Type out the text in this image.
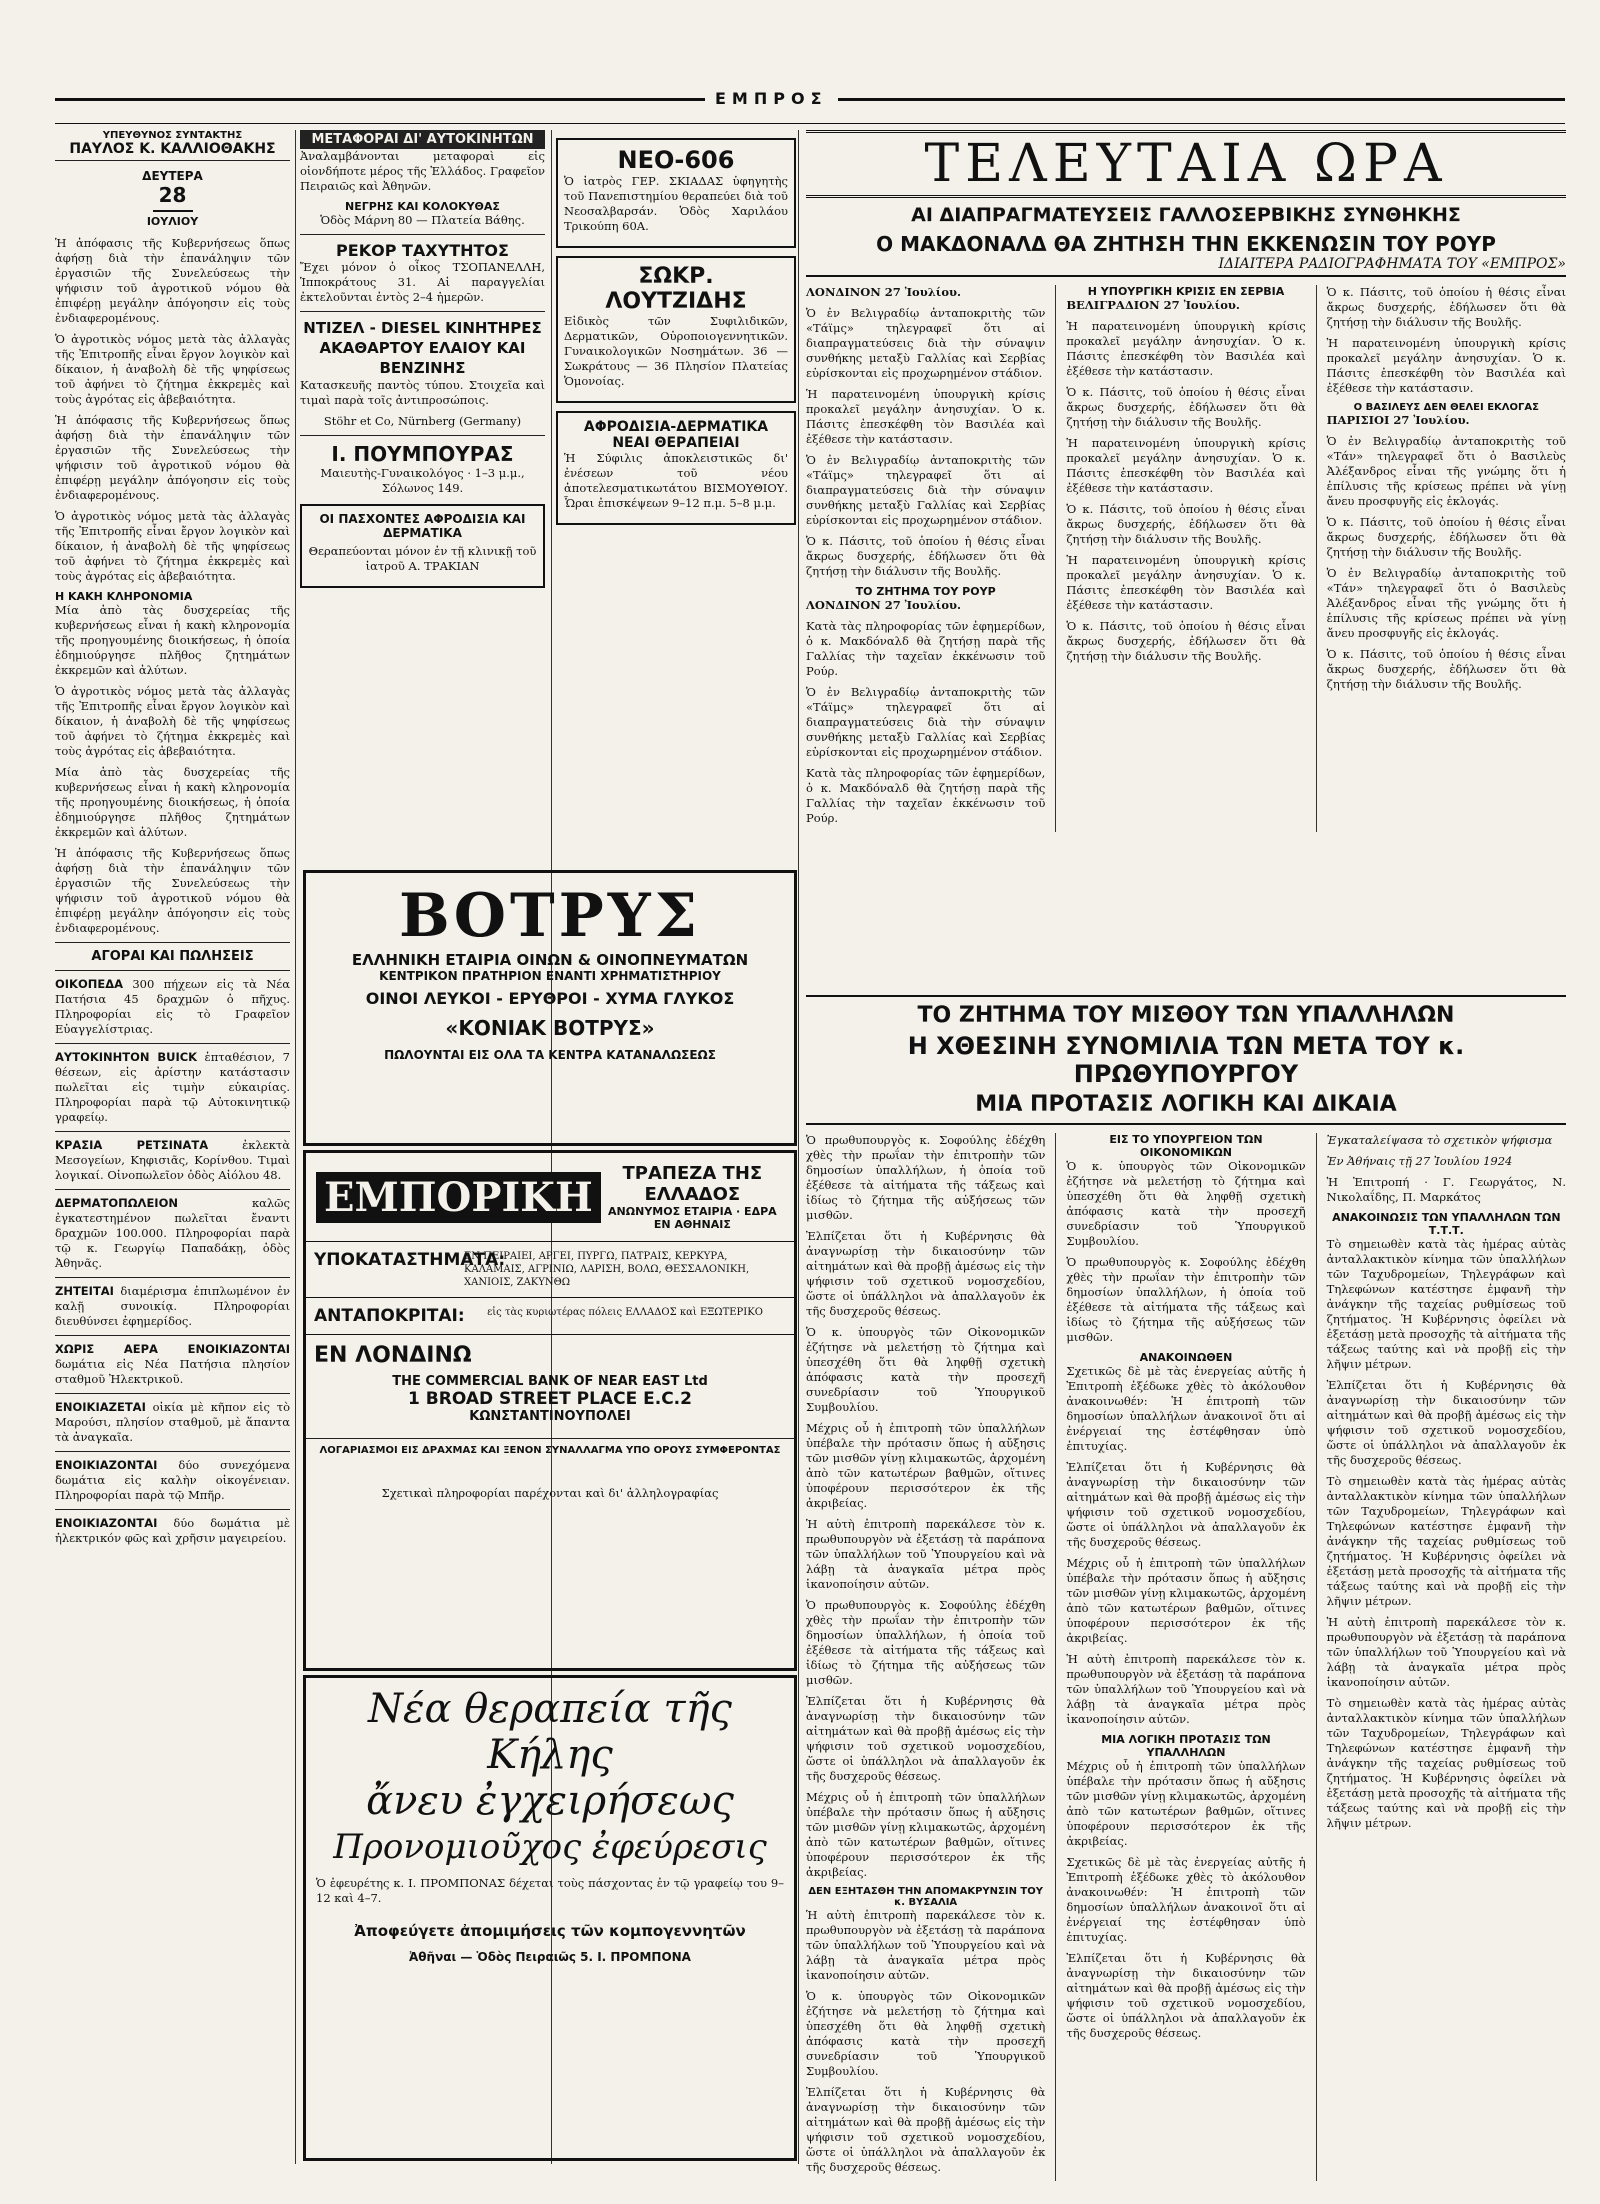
ΕΜΠΡΟΣ
ΥΠΕΥΘΥΝΟΣ ΣΥΝΤΑΚΤΗΣ
ΠΑΥΛΟΣ Κ. ΚΑΛΛΙΟΘΑΚΗΣ
ΔΕΥΤΕΡΑ
28
ΙΟΥΛΙΟΥ

Ἡ ἀπόφασις τῆς Κυβερνήσεως ὅπως ἀφήσῃ διὰ τὴν ἐπανάληψιν τῶν ἐργασιῶν τῆς Συνελεύσεως τὴν ψήφισιν τοῦ ἀγροτικοῦ νόμου θὰ ἐπιφέρῃ μεγάλην ἀπόγοησιν εἰς τοὺς ἐνδιαφερομένους.

Ὁ ἀγροτικὸς νόμος μετὰ τὰς ἀλλαγὰς τῆς Ἐπιτροπῆς εἶναι ἔργον λογικὸν καὶ δίκαιον, ἡ ἀναβολὴ δὲ τῆς ψηφίσεως τοῦ ἀφήνει τὸ ζήτημα ἐκκρεμὲς καὶ τοὺς ἀγρότας εἰς ἀβεβαιότητα.

Ἡ ἀπόφασις τῆς Κυβερνήσεως ὅπως ἀφήσῃ διὰ τὴν ἐπανάληψιν τῶν ἐργασιῶν τῆς Συνελεύσεως τὴν ψήφισιν τοῦ ἀγροτικοῦ νόμου θὰ ἐπιφέρῃ μεγάλην ἀπόγοησιν εἰς τοὺς ἐνδιαφερομένους.

Ὁ ἀγροτικὸς νόμος μετὰ τὰς ἀλλαγὰς τῆς Ἐπιτροπῆς εἶναι ἔργον λογικὸν καὶ δίκαιον, ἡ ἀναβολὴ δὲ τῆς ψηφίσεως τοῦ ἀφήνει τὸ ζήτημα ἐκκρεμὲς καὶ τοὺς ἀγρότας εἰς ἀβεβαιότητα.

Η ΚΑΚΗ ΚΛΗΡΟΝΟΜΙΑ

Μία ἀπὸ τὰς δυσχερείας τῆς κυβερνήσεως εἶναι ἡ κακὴ κληρονομία τῆς προηγουμένης διοικήσεως, ἡ ὁποία ἐδημιούργησε πλῆθος ζητημάτων ἐκκρεμῶν καὶ ἀλύτων.

Ὁ ἀγροτικὸς νόμος μετὰ τὰς ἀλλαγὰς τῆς Ἐπιτροπῆς εἶναι ἔργον λογικὸν καὶ δίκαιον, ἡ ἀναβολὴ δὲ τῆς ψηφίσεως τοῦ ἀφήνει τὸ ζήτημα ἐκκρεμὲς καὶ τοὺς ἀγρότας εἰς ἀβεβαιότητα.

Μία ἀπὸ τὰς δυσχερείας τῆς κυβερνήσεως εἶναι ἡ κακὴ κληρονομία τῆς προηγουμένης διοικήσεως, ἡ ὁποία ἐδημιούργησε πλῆθος ζητημάτων ἐκκρεμῶν καὶ ἀλύτων.

Ἡ ἀπόφασις τῆς Κυβερνήσεως ὅπως ἀφήσῃ διὰ τὴν ἐπανάληψιν τῶν ἐργασιῶν τῆς Συνελεύσεως τὴν ψήφισιν τοῦ ἀγροτικοῦ νόμου θὰ ἐπιφέρῃ μεγάλην ἀπόγοησιν εἰς τοὺς ἐνδιαφερομένους.

ΑΓΟΡΑΙ ΚΑΙ ΠΩΛΗΣΕΙΣ

ΟΙΚΟΠΕΔΑ 300 πήχεων εἰς τὰ Νέα Πατήσια 45 δραχμῶν ὁ πῆχυς. Πληροφορίαι εἰς τὸ Γραφεῖον Εὐαγγελίστριας.

ΑΥΤΟΚΙΝΗΤΟΝ BUICK ἑπταθέσιον, 7 θέσεων, εἰς ἀρίστην κατάστασιν πωλεῖται εἰς τιμὴν εὐκαιρίας. Πληροφορίαι παρὰ τῷ Αὐτοκινητικῷ γραφείῳ.

ΚΡΑΣΙΑ ΡΕΤΣΙΝΑΤΑ	ἐκλεκτὰ Μεσογείων, Κηφισιᾶς, Κορίνθου. Τιμαὶ λογικαί. Οἰνοπωλεῖον ὁδὸς Αἰόλου 48.

ΔΕΡΜΑΤΟΠΩΛΕΙΟΝ	καλῶς ἐγκατεστημένον πωλεῖται ἔναντι δραχμῶν 100.000. Πληροφορίαι παρὰ τῷ κ. Γεωργίῳ Παπαδάκῃ, ὁδὸς Ἀθηνᾶς.

ΖΗΤΕΙΤΑΙ διαμέρισμα ἐπιπλωμένον ἐν καλῇ συνοικίᾳ. Πληροφορίαι διευθύνσει ἐφημερίδος.

ΧΩΡΙΣ ΑΕΡΑ ΕΝΟΙΚΙΑΖΟΝΤΑΙ δωμάτια εἰς Νέα Πατήσια πλησίον σταθμοῦ Ἠλεκτρικοῦ.

ΕΝΟΙΚΙΑΖΕΤΑΙ οἰκία μὲ κῆπον εἰς τὸ Μαρούσι, πλησίον σταθμοῦ, μὲ ἅπαντα τὰ ἀναγκαῖα.

ΕΝΟΙΚΙΑΖΟΝΤΑΙ δύο συνεχόμενα δωμάτια εἰς καλὴν οἰκογένειαν. Πληροφορίαι παρὰ τῷ Μπῆρ.

ΕΝΟΙΚΙΑΖΟΝΤΑΙ δύο δωμάτια μὲ ἡλεκτρικόν φῶς καὶ χρῆσιν μαγειρείου.

ΜΕΤΑΦΟΡΑΙ ΔΙ' ΑΥΤΟΚΙΝΗΤΩΝ

Ἀναλαμβάνονται μεταφοραὶ εἰς οἱονδήποτε μέρος τῆς Ἑλλάδος. Γραφεῖον Πειραιῶς καὶ Ἀθηνῶν.

ΝΕΓΡΗΣ ΚΑΙ ΚΟΛΟΚΥΘΑΣ

Ὁδὸς Μάρνη 80 — Πλατεία Βάθης.

ΡΕΚΟΡ ΤΑΧΥΤΗΤΟΣ

Ἔχει μόνον ὁ οἶκος ΤΣΟΠΑΝΕΛΛΗ, Ἱπποκράτους 31. Αἱ παραγγελίαι ἐκτελοῦνται ἐντὸς 2–4 ἡμερῶν.

ΝΤΙΖΕΛ - DIESEL ΚΙΝΗΤΗΡΕΣ ΑΚΑΘΑΡΤΟΥ ΕΛΑΙΟΥ ΚΑΙ ΒΕΝΖΙΝΗΣ

Κατασκευῆς παντὸς τύπου. Στοιχεῖα καὶ τιμαὶ παρὰ τοῖς ἀντιπροσώποις.

Stöhr et Co, Nürnberg (Germany)

Ι. ΠΟΥΜΠΟΥΡΑΣ

Μαιευτὴς-Γυναικολόγος · 1–3 μ.μ., Σόλωνος 149.

ΟΙ ΠΑΣΧΟΝΤΕΣ ΑΦΡΟΔΙΣΙΑ ΚΑΙ ΔΕΡΜΑΤΙΚΑ

Θεραπεύονται μόνον ἐν τῇ κλινικῇ τοῦ ἰατροῦ Α. ΤΡΑΚΙΑΝ

ΝΕΟ-606

Ὁ ἰατρὸς ΓΕΡ. ΣΚΙΑΔΑΣ ὑφηγητὴς τοῦ Πανεπιστημίου θεραπεύει διὰ τοῦ Νεοσαλβαρσάν. Ὁδὸς Χαριλάου Τρικούπη 60Α.

ΣΩΚΡ. ΛΟΥΤΖΙΔΗΣ

Εἰδικὸς τῶν Συφιλιδικῶν, Δερματικῶν, Οὐροποιογεννητικῶν. Γυναικολογικῶν Νοσημάτων. 36 — Σωκράτους — 36 Πλησίον Πλατείας Ὁμονοίας.

ΑΦΡΟΔΙΣΙΑ-ΔΕΡΜΑΤΙΚΑ ΝΕΑΙ ΘΕΡΑΠΕΙΑΙ

Ἡ Σύφιλις ἀποκλειστικῶς δι' ἐνέσεων τοῦ νέου ἀποτελεσματικωτάτου ΒΙΣΜΟΥΘΙΟΥ. Ὧραι ἐπισκέψεων 9–12 π.μ. 5–8 μ.μ.

ΒΟΤΡΥΣ
ΕΛΛΗΝΙΚΗ ΕΤΑΙΡΙΑ ΟΙΝΩΝ & ΟΙΝΟΠΝΕΥΜΑΤΩΝ
ΚΕΝΤΡΙΚΟΝ ΠΡΑΤΗΡΙΟΝ ΕΝΑΝΤΙ ΧΡΗΜΑΤΙΣΤΗΡΙΟΥ
ΟΙΝΟΙ ΛΕΥΚΟΙ - ΕΡΥΘΡΟΙ - ΧΥΜΑ ΓΛΥΚΟΣ
«ΚΟΝΙΑΚ ΒΟΤΡΥΣ»
ΠΩΛΟΥΝΤΑΙ ΕΙΣ ΟΛΑ ΤΑ ΚΕΝΤΡΑ ΚΑΤΑΝΑΛΩΣΕΩΣ
ΕΜΠΟΡΙΚΗ	ΤΡΑΠΕΖΑ ΤΗΣ ΕΛΛΑΔΟΣ
ΑΝΩΝΥΜΟΣ ΕΤΑΙΡΙΑ · ΕΔΡΑ ΕΝ ΑΘΗΝΑΙΣ
ΥΠΟΚΑΤΑΣΤΗΜΑΤΑ:
ΕΝ ΠΕΙΡΑΙΕΙ, ΑΡΓΕΙ, ΠΥΡΓΩ, ΠΑΤΡΑΙΣ, ΚΕΡΚΥΡΑ, ΚΑΛΑΜΑΙΣ, ΑΓΡΙΝΙΩ, ΛΑΡΙΣΗ, ΒΟΛΩ, ΘΕΣΣΑΛΟΝΙΚΗ, ΧΑΝΙΟΙΣ, ΖΑΚΥΝΘΩ
ΑΝΤΑΠΟΚΡΙΤΑΙ:	εἰς τὰς κυριωτέρας πόλεις ΕΛΛΑΔΟΣ καὶ ΕΞΩΤΕΡΙΚΟ
ΕΝ ΛΟΝΔΙΝΩ
THE COMMERCIAL BANK OF NEAR EAST Ltd
1 BROAD STREET PLACE E.C.2
ΚΩΝΣΤΑΝΤΙΝΟΥΠΟΛΕΙ
ΛΟΓΑΡΙΑΣΜΟΙ ΕΙΣ ΔΡΑΧΜΑΣ ΚΑΙ ΞΕΝΟΝ ΣΥΝΑΛΛΑΓΜΑ ΥΠΟ ΟΡΟΥΣ ΣΥΜΦΕΡΟΝΤΑΣ

Σχετικαὶ πληροφορίαι παρέχονται καὶ δι' ἀλληλογραφίας

Νέα θεραπεία τῆς Κήλης
ἄνευ ἐγχειρήσεως
Προνομιοῦχος ἐφεύρεσις

Ὁ ἐφευρέτης κ. Ι. ΠΡΟΜΠΟΝΑΣ δέχεται τοὺς πάσχοντας ἐν τῷ γραφείῳ του 9–12 καὶ 4–7.

Ἀποφεύγετε ἀπομιμήσεις τῶν κομπογεννητῶν
Ἀθῆναι — Ὁδὸς Πειραιῶς 5. Ι. ΠΡΟΜΠΟΝΑ
ΤΕΛΕΥΤΑΙΑ ΩΡΑ
ΑΙ ΔΙΑΠΡΑΓΜΑΤΕΥΣΕΙΣ ΓΑΛΛΟΣΕΡΒΙΚΗΣ ΣΥΝΘΗΚΗΣ
Ο ΜΑΚΔΟΝΑΛΔ ΘΑ ΖΗΤΗΣΗ ΤΗΝ ΕΚΚΕΝΩΣΙΝ ΤΟΥ ΡΟΥΡ
ΙΔΙΑΙΤΕΡΑ ΡΑΔΙΟΓΡΑΦΗΜΑΤΑ ΤΟΥ «ΕΜΠΡΟΣ»

ΛΟΝΔΙΝΟΝ 27 Ἰουλίου.

Ὁ ἐν Βελιγραδίῳ ἀνταποκριτὴς τῶν «Τάϊμς» τηλεγραφεῖ ὅτι αἱ διαπραγματεύσεις διὰ τὴν σύναψιν συνθήκης μεταξὺ Γαλλίας καὶ Σερβίας εὑρίσκονται εἰς προχωρημένον στάδιον.

Ἡ παρατεινομένη ὑπουργικὴ κρίσις προκαλεῖ μεγάλην ἀνησυχίαν. Ὁ κ. Πάσιτς ἐπεσκέφθη τὸν Βασιλέα καὶ ἐξέθεσε τὴν κατάστασιν.

Ὁ ἐν Βελιγραδίῳ ἀνταποκριτὴς τῶν «Τάϊμς» τηλεγραφεῖ ὅτι αἱ διαπραγματεύσεις διὰ τὴν σύναψιν συνθήκης μεταξὺ Γαλλίας καὶ Σερβίας εὑρίσκονται εἰς προχωρημένον στάδιον.

Ὁ κ. Πάσιτς, τοῦ ὁποίου ἡ θέσις εἶναι ἄκρως δυσχερής, ἐδήλωσεν ὅτι θὰ ζητήσῃ τὴν διάλυσιν τῆς Βουλῆς.

ΤΟ ΖΗΤΗΜΑ ΤΟΥ ΡΟΥΡ

ΛΟΝΔΙΝΟΝ 27 Ἰουλίου.

Κατὰ τὰς πληροφορίας τῶν ἐφημερίδων, ὁ κ. Μακδόναλδ θὰ ζητήσῃ παρὰ τῆς Γαλλίας τὴν ταχεῖαν ἐκκένωσιν τοῦ Ρούρ.

Ὁ ἐν Βελιγραδίῳ ἀνταποκριτὴς τῶν «Τάϊμς» τηλεγραφεῖ ὅτι αἱ διαπραγματεύσεις διὰ τὴν σύναψιν συνθήκης μεταξὺ Γαλλίας καὶ Σερβίας εὑρίσκονται εἰς προχωρημένον στάδιον.

Κατὰ τὰς πληροφορίας τῶν ἐφημερίδων, ὁ κ. Μακδόναλδ θὰ ζητήσῃ παρὰ τῆς Γαλλίας τὴν ταχεῖαν ἐκκένωσιν τοῦ Ρούρ.

Η ΥΠΟΥΡΓΙΚΗ ΚΡΙΣΙΣ ΕΝ ΣΕΡΒΙΑ

ΒΕΛΙΓΡΑΔΙΟΝ 27 Ἰουλίου.

Ἡ παρατεινομένη ὑπουργικὴ κρίσις προκαλεῖ μεγάλην ἀνησυχίαν. Ὁ κ. Πάσιτς ἐπεσκέφθη τὸν Βασιλέα καὶ ἐξέθεσε τὴν κατάστασιν.

Ὁ κ. Πάσιτς, τοῦ ὁποίου ἡ θέσις εἶναι ἄκρως δυσχερής, ἐδήλωσεν ὅτι θὰ ζητήσῃ τὴν διάλυσιν τῆς Βουλῆς.

Ἡ παρατεινομένη ὑπουργικὴ κρίσις προκαλεῖ μεγάλην ἀνησυχίαν. Ὁ κ. Πάσιτς ἐπεσκέφθη τὸν Βασιλέα καὶ ἐξέθεσε τὴν κατάστασιν.

Ὁ κ. Πάσιτς, τοῦ ὁποίου ἡ θέσις εἶναι ἄκρως δυσχερής, ἐδήλωσεν ὅτι θὰ ζητήσῃ τὴν διάλυσιν τῆς Βουλῆς.

Ἡ παρατεινομένη ὑπουργικὴ κρίσις προκαλεῖ μεγάλην ἀνησυχίαν. Ὁ κ. Πάσιτς ἐπεσκέφθη τὸν Βασιλέα καὶ ἐξέθεσε τὴν κατάστασιν.

Ὁ κ. Πάσιτς, τοῦ ὁποίου ἡ θέσις εἶναι ἄκρως δυσχερής, ἐδήλωσεν ὅτι θὰ ζητήσῃ τὴν διάλυσιν τῆς Βουλῆς.

Ὁ κ. Πάσιτς, τοῦ ὁποίου ἡ θέσις εἶναι ἄκρως δυσχερής, ἐδήλωσεν ὅτι θὰ ζητήσῃ τὴν διάλυσιν τῆς Βουλῆς.

Ἡ παρατεινομένη ὑπουργικὴ κρίσις προκαλεῖ μεγάλην ἀνησυχίαν. Ὁ κ. Πάσιτς ἐπεσκέφθη τὸν Βασιλέα καὶ ἐξέθεσε τὴν κατάστασιν.

Ο ΒΑΣΙΛΕΥΣ ΔΕΝ ΘΕΛΕΙ ΕΚΛΟΓΑΣ

ΠΑΡΙΣΙΟΙ 27 Ἰουλίου.

Ὁ ἐν Βελιγραδίῳ ἀνταποκριτὴς τοῦ «Τάν» τηλεγραφεῖ ὅτι ὁ Βασιλεὺς Ἀλέξανδρος εἶναι τῆς γνώμης ὅτι ἡ ἐπίλυσις τῆς κρίσεως πρέπει νὰ γίνῃ ἄνευ προσφυγῆς εἰς ἐκλογάς.

Ὁ κ. Πάσιτς, τοῦ ὁποίου ἡ θέσις εἶναι ἄκρως δυσχερής, ἐδήλωσεν ὅτι θὰ ζητήσῃ τὴν διάλυσιν τῆς Βουλῆς.

Ὁ ἐν Βελιγραδίῳ ἀνταποκριτὴς τοῦ «Τάν» τηλεγραφεῖ ὅτι ὁ Βασιλεὺς Ἀλέξανδρος εἶναι τῆς γνώμης ὅτι ἡ ἐπίλυσις τῆς κρίσεως πρέπει νὰ γίνῃ ἄνευ προσφυγῆς εἰς ἐκλογάς.

Ὁ κ. Πάσιτς, τοῦ ὁποίου ἡ θέσις εἶναι ἄκρως δυσχερής, ἐδήλωσεν ὅτι θὰ ζητήσῃ τὴν διάλυσιν τῆς Βουλῆς.

ΤΟ ΖΗΤΗΜΑ ΤΟΥ ΜΙΣΘΟΥ ΤΩΝ ΥΠΑΛΛΗΛΩΝ
Η ΧΘΕΣΙΝΗ ΣΥΝΟΜΙΛΙΑ ΤΩΝ ΜΕΤΑ ΤΟΥ κ. ΠΡΩΘΥΠΟΥΡΓΟΥ
ΜΙΑ ΠΡΟΤΑΣΙΣ ΛΟΓΙΚΗ ΚΑΙ ΔΙΚΑΙΑ

Ὁ πρωθυπουργὸς κ. Σοφούλης ἐδέχθη χθὲς τὴν πρωΐαν τὴν ἐπιτροπὴν τῶν δημοσίων ὑπαλλήλων, ἡ ὁποία τοῦ ἐξέθεσε τὰ αἰτήματα τῆς τάξεως καὶ ἰδίως τὸ ζήτημα τῆς αὐξήσεως τῶν μισθῶν.

Ἐλπίζεται ὅτι ἡ Κυβέρνησις θὰ ἀναγνωρίσῃ τὴν δικαιοσύνην τῶν αἰτημάτων καὶ θὰ προβῇ ἀμέσως εἰς τὴν ψήφισιν τοῦ σχετικοῦ νομοσχεδίου, ὥστε οἱ ὑπάλληλοι νὰ ἀπαλλαγοῦν ἐκ τῆς δυσχεροῦς θέσεως.

Ὁ κ. ὑπουργὸς τῶν Οἰκονομικῶν ἐζήτησε νὰ μελετήσῃ τὸ ζήτημα καὶ ὑπεσχέθη ὅτι θὰ ληφθῇ σχετικὴ ἀπόφασις κατὰ τὴν προσεχῆ συνεδρίασιν τοῦ Ὑπουργικοῦ Συμβουλίου.

Μέχρις οὗ ἡ ἐπιτροπὴ τῶν ὑπαλλήλων ὑπέβαλε τὴν πρότασιν ὅπως ἡ αὔξησις τῶν μισθῶν γίνῃ κλιμακωτῶς, ἀρχομένη ἀπὸ τῶν κατωτέρων βαθμῶν, οἵτινες ὑποφέρουν περισσότερον ἐκ τῆς ἀκριβείας.

Ἡ αὐτὴ ἐπιτροπὴ παρεκάλεσε τὸν κ. πρωθυπουργὸν νὰ ἐξετάσῃ τὰ παράπονα τῶν ὑπαλλήλων τοῦ Ὑπουργείου καὶ νὰ λάβῃ τὰ ἀναγκαῖα μέτρα πρὸς ἱκανοποίησιν αὐτῶν.

Ὁ πρωθυπουργὸς κ. Σοφούλης ἐδέχθη χθὲς τὴν πρωΐαν τὴν ἐπιτροπὴν τῶν δημοσίων ὑπαλλήλων, ἡ ὁποία τοῦ ἐξέθεσε τὰ αἰτήματα τῆς τάξεως καὶ ἰδίως τὸ ζήτημα τῆς αὐξήσεως τῶν μισθῶν.

Ἐλπίζεται ὅτι ἡ Κυβέρνησις θὰ ἀναγνωρίσῃ τὴν δικαιοσύνην τῶν αἰτημάτων καὶ θὰ προβῇ ἀμέσως εἰς τὴν ψήφισιν τοῦ σχετικοῦ νομοσχεδίου, ὥστε οἱ ὑπάλληλοι νὰ ἀπαλλαγοῦν ἐκ τῆς δυσχεροῦς θέσεως.

Μέχρις οὗ ἡ ἐπιτροπὴ τῶν ὑπαλλήλων ὑπέβαλε τὴν πρότασιν ὅπως ἡ αὔξησις τῶν μισθῶν γίνῃ κλιμακωτῶς, ἀρχομένη ἀπὸ τῶν κατωτέρων βαθμῶν, οἵτινες ὑποφέρουν περισσότερον ἐκ τῆς ἀκριβείας.

ΔΕΝ ΕΞΗΤΑΣΘΗ ΤΗΝ ΑΠΟΜΑΚΡΥΝΣΙΝ ΤΟΥ κ. ΒΥΣΑΛΙΑ

Ἡ αὐτὴ ἐπιτροπὴ παρεκάλεσε τὸν κ. πρωθυπουργὸν νὰ ἐξετάσῃ τὰ παράπονα τῶν ὑπαλλήλων τοῦ Ὑπουργείου καὶ νὰ λάβῃ τὰ ἀναγκαῖα μέτρα πρὸς ἱκανοποίησιν αὐτῶν.

Ὁ κ. ὑπουργὸς τῶν Οἰκονομικῶν ἐζήτησε νὰ μελετήσῃ τὸ ζήτημα καὶ ὑπεσχέθη ὅτι θὰ ληφθῇ σχετικὴ ἀπόφασις κατὰ τὴν προσεχῆ συνεδρίασιν τοῦ Ὑπουργικοῦ Συμβουλίου.

Ἐλπίζεται ὅτι ἡ Κυβέρνησις θὰ ἀναγνωρίσῃ τὴν δικαιοσύνην τῶν αἰτημάτων καὶ θὰ προβῇ ἀμέσως εἰς τὴν ψήφισιν τοῦ σχετικοῦ νομοσχεδίου, ὥστε οἱ ὑπάλληλοι νὰ ἀπαλλαγοῦν ἐκ τῆς δυσχεροῦς θέσεως.

ΕΙΣ ΤΟ ΥΠΟΥΡΓΕΙΟΝ ΤΩΝ ΟΙΚΟΝΟΜΙΚΩΝ

Ὁ κ. ὑπουργὸς τῶν Οἰκονομικῶν ἐζήτησε νὰ μελετήσῃ τὸ ζήτημα καὶ ὑπεσχέθη ὅτι θὰ ληφθῇ σχετικὴ ἀπόφασις κατὰ τὴν προσεχῆ συνεδρίασιν τοῦ Ὑπουργικοῦ Συμβουλίου.

Ὁ πρωθυπουργὸς κ. Σοφούλης ἐδέχθη χθὲς τὴν πρωΐαν τὴν ἐπιτροπὴν τῶν δημοσίων ὑπαλλήλων, ἡ ὁποία τοῦ ἐξέθεσε τὰ αἰτήματα τῆς τάξεως καὶ ἰδίως τὸ ζήτημα τῆς αὐξήσεως τῶν μισθῶν.

ΑΝΑΚΟΙΝΩΘΕΝ

Σχετικῶς δὲ μὲ τὰς ἐνεργείας αὐτῆς ἡ Ἐπιτροπὴ ἐξέδωκε χθὲς τὸ ἀκόλουθον ἀνακοινωθέν: Ἡ ἐπιτροπὴ τῶν δημοσίων ὑπαλλήλων ἀνακοινοῖ ὅτι αἱ ἐνέργειαί της ἐστέφθησαν ὑπὸ ἐπιτυχίας.

Ἐλπίζεται ὅτι ἡ Κυβέρνησις θὰ ἀναγνωρίσῃ τὴν δικαιοσύνην τῶν αἰτημάτων καὶ θὰ προβῇ ἀμέσως εἰς τὴν ψήφισιν τοῦ σχετικοῦ νομοσχεδίου, ὥστε οἱ ὑπάλληλοι νὰ ἀπαλλαγοῦν ἐκ τῆς δυσχεροῦς θέσεως.

Μέχρις οὗ ἡ ἐπιτροπὴ τῶν ὑπαλλήλων ὑπέβαλε τὴν πρότασιν ὅπως ἡ αὔξησις τῶν μισθῶν γίνῃ κλιμακωτῶς, ἀρχομένη ἀπὸ τῶν κατωτέρων βαθμῶν, οἵτινες ὑποφέρουν περισσότερον ἐκ τῆς ἀκριβείας.

Ἡ αὐτὴ ἐπιτροπὴ παρεκάλεσε τὸν κ. πρωθυπουργὸν νὰ ἐξετάσῃ τὰ παράπονα τῶν ὑπαλλήλων τοῦ Ὑπουργείου καὶ νὰ λάβῃ τὰ ἀναγκαῖα μέτρα πρὸς ἱκανοποίησιν αὐτῶν.

ΜΙΑ ΛΟΓΙΚΗ ΠΡΟΤΑΣΙΣ ΤΩΝ ΥΠΑΛΛΗΛΩΝ

Μέχρις οὗ ἡ ἐπιτροπὴ τῶν ὑπαλλήλων ὑπέβαλε τὴν πρότασιν ὅπως ἡ αὔξησις τῶν μισθῶν γίνῃ κλιμακωτῶς, ἀρχομένη ἀπὸ τῶν κατωτέρων βαθμῶν, οἵτινες ὑποφέρουν περισσότερον ἐκ τῆς ἀκριβείας.

Σχετικῶς δὲ μὲ τὰς ἐνεργείας αὐτῆς ἡ Ἐπιτροπὴ ἐξέδωκε χθὲς τὸ ἀκόλουθον ἀνακοινωθέν: Ἡ ἐπιτροπὴ τῶν δημοσίων ὑπαλλήλων ἀνακοινοῖ ὅτι αἱ ἐνέργειαί της ἐστέφθησαν ὑπὸ ἐπιτυχίας.

Ἐλπίζεται ὅτι ἡ Κυβέρνησις θὰ ἀναγνωρίσῃ τὴν δικαιοσύνην τῶν αἰτημάτων καὶ θὰ προβῇ ἀμέσως εἰς τὴν ψήφισιν τοῦ σχετικοῦ νομοσχεδίου, ὥστε οἱ ὑπάλληλοι νὰ ἀπαλλαγοῦν ἐκ τῆς δυσχεροῦς θέσεως.

Ἐγκαταλείψασα τὸ σχετικὸν ψήφισμα

Ἐν Ἀθήναις τῇ 27 Ἰουλίου 1924

Ἡ Ἐπιτροπή · Γ. Γεωργάτος, Ν. Νικολαΐδης, Π. Μαρκάτος

ΑΝΑΚΟΙΝΩΣΙΣ ΤΩΝ ΥΠΑΛΛΗΛΩΝ ΤΩΝ Τ.Τ.Τ.

Τὸ σημειωθὲν κατὰ τὰς ἡμέρας αὐτὰς ἀνταλλακτικὸν κίνημα τῶν ὑπαλλήλων τῶν Ταχυδρομείων, Τηλεγράφων καὶ Τηλεφώνων κατέστησε ἐμφανῆ τὴν ἀνάγκην τῆς ταχείας ρυθμίσεως τοῦ ζητήματος. Ἡ Κυβέρνησις ὀφείλει νὰ ἐξετάσῃ μετὰ προσοχῆς τὰ αἰτήματα τῆς τάξεως ταύτης καὶ νὰ προβῇ εἰς τὴν λῆψιν μέτρων.

Ἐλπίζεται ὅτι ἡ Κυβέρνησις θὰ ἀναγνωρίσῃ τὴν δικαιοσύνην τῶν αἰτημάτων καὶ θὰ προβῇ ἀμέσως εἰς τὴν ψήφισιν τοῦ σχετικοῦ νομοσχεδίου, ὥστε οἱ ὑπάλληλοι νὰ ἀπαλλαγοῦν ἐκ τῆς δυσχεροῦς θέσεως.

Τὸ σημειωθὲν κατὰ τὰς ἡμέρας αὐτὰς ἀνταλλακτικὸν κίνημα τῶν ὑπαλλήλων τῶν Ταχυδρομείων, Τηλεγράφων καὶ Τηλεφώνων κατέστησε ἐμφανῆ τὴν ἀνάγκην τῆς ταχείας ρυθμίσεως τοῦ ζητήματος. Ἡ Κυβέρνησις ὀφείλει νὰ ἐξετάσῃ μετὰ προσοχῆς τὰ αἰτήματα τῆς τάξεως ταύτης καὶ νὰ προβῇ εἰς τὴν λῆψιν μέτρων.

Ἡ αὐτὴ ἐπιτροπὴ παρεκάλεσε τὸν κ. πρωθυπουργὸν νὰ ἐξετάσῃ τὰ παράπονα τῶν ὑπαλλήλων τοῦ Ὑπουργείου καὶ νὰ λάβῃ τὰ ἀναγκαῖα μέτρα πρὸς ἱκανοποίησιν αὐτῶν.

Τὸ σημειωθὲν κατὰ τὰς ἡμέρας αὐτὰς ἀνταλλακτικὸν κίνημα τῶν ὑπαλλήλων τῶν Ταχυδρομείων, Τηλεγράφων καὶ Τηλεφώνων κατέστησε ἐμφανῆ τὴν ἀνάγκην τῆς ταχείας ρυθμίσεως τοῦ ζητήματος. Ἡ Κυβέρνησις ὀφείλει νὰ ἐξετάσῃ μετὰ προσοχῆς τὰ αἰτήματα τῆς τάξεως ταύτης καὶ νὰ προβῇ εἰς τὴν λῆψιν μέτρων.
